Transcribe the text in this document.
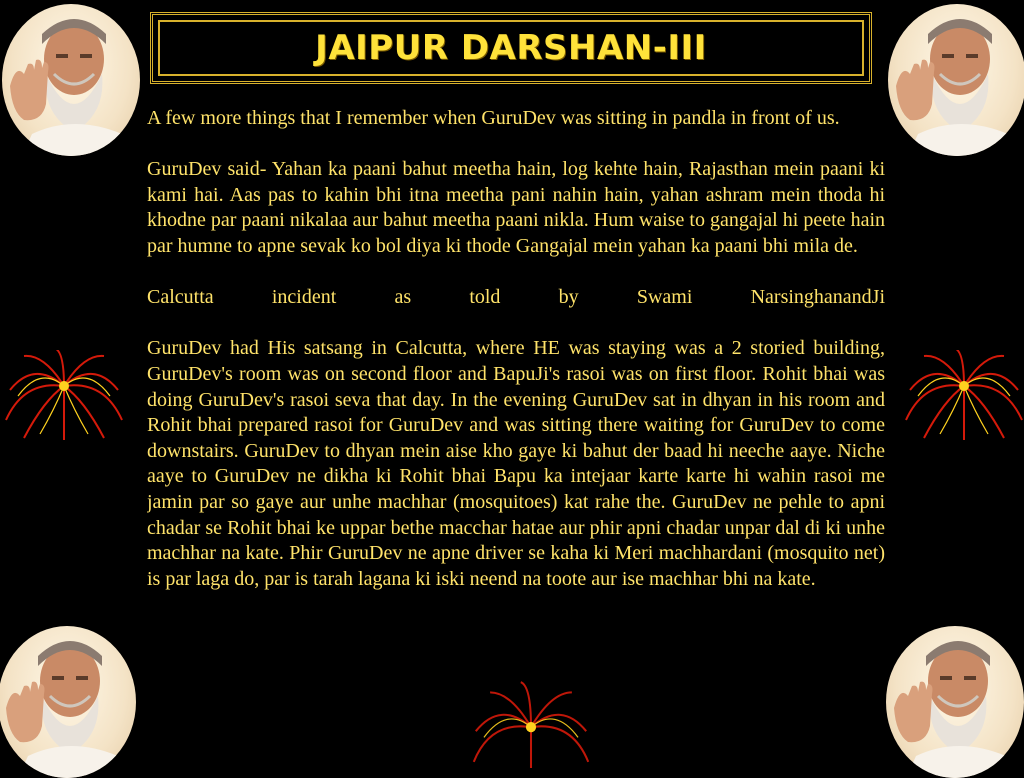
JAIPUR DARSHAN-III

A few more things that I remember when GuruDev was sitting in pandla in front of us.

GuruDev said- Yahan ka paani bahut meetha hain, log kehte hain, Rajasthan mein paani ki kami hai. Aas pas to kahin bhi itna meetha pani nahin hain, yahan ashram mein thoda hi khodne par paani nikalaa aur bahut meetha paani nikla. Hum waise to gangajal hi peete hain par humne to apne sevak ko bol diya ki thode Gangajal mein yahan ka paani bhi mila de.

Calcutta incident as told by Swami NarsinghanandJi

GuruDev had His satsang in Calcutta, where HE was staying was a 2 storied building, GuruDev's room was on second floor and BapuJi's rasoi was on first floor. Rohit bhai was doing GuruDev's rasoi seva that day. In the evening GuruDev sat in dhyan in his room and Rohit bhai prepared rasoi for GuruDev and was sitting there waiting for GuruDev to come downstairs. GuruDev to dhyan mein aise kho gaye ki bahut der baad hi neeche aaye. Niche aaye to GuruDev ne dikha ki Rohit bhai Bapu ka intejaar karte karte hi wahin rasoi me jamin par so gaye aur unhe machhar (mosquitoes) kat rahe the. GuruDev ne pehle to apni chadar se Rohit bhai ke uppar bethe macchar hatae aur phir apni chadar unpar dal di ki unhe machhar na kate. Phir GuruDev ne apne driver se kaha ki Meri machhardani (mosquito net) is par laga do, par is tarah lagana ki iski neend na toote aur ise machhar bhi na kate.
